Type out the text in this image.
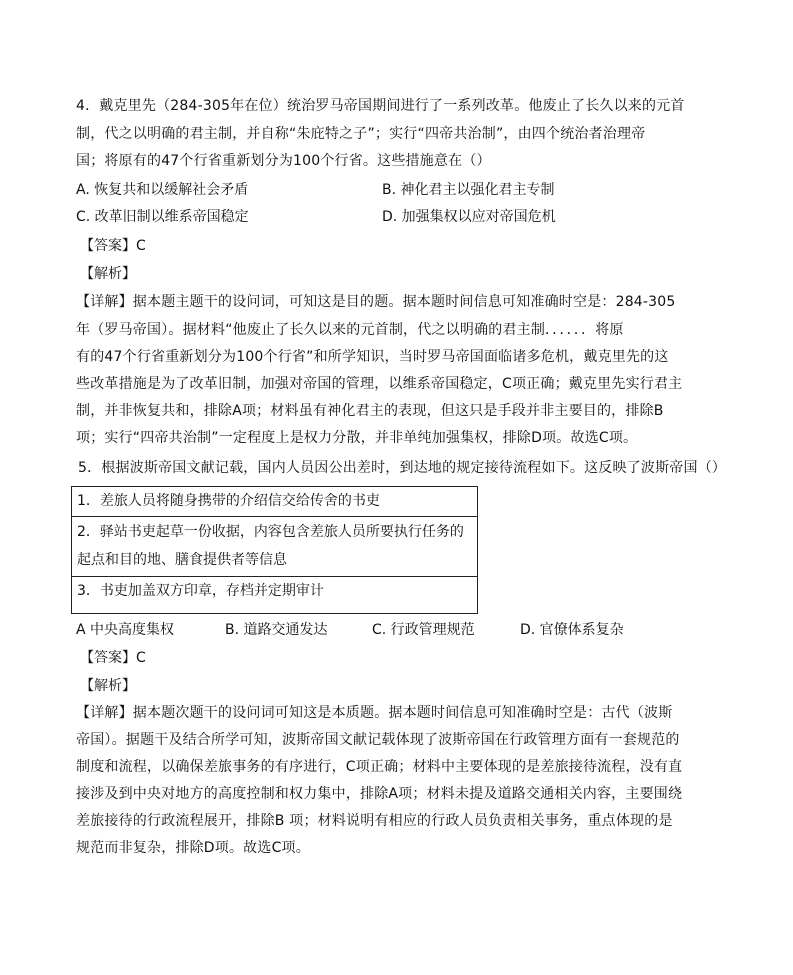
4．戴克里先（284-305年在位）统治罗马帝国期间进行了一系列改革。他废止了长久以来的元首
制，代之以明确的君主制，并自称“朱庇特之子”；实行“四帝共治制”，由四个统治者治理帝
国；将原有的47个行省重新划分为100个行省。这些措施意在（）
A. 恢复共和以缓解社会矛盾	B. 神化君主以强化君主专制
C. 改革旧制以维系帝国稳定	D. 加强集权以应对帝国危机
【答案】C
【解析】
【详解】据本题主题干的设问词，可知这是目的题。据本题时间信息可知准确时空是：284-305
年（罗马帝国）。据材料“他废止了长久以来的元首制，代之以明确的君主制．．．．．．将原
有的47个行省重新划分为100个行省”和所学知识，当时罗马帝国面临诸多危机，戴克里先的这
些改革措施是为了改革旧制，加强对帝国的管理，以维系帝国稳定，C项正确；戴克里先实行君主
制，并非恢复共和，排除A项；材料虽有神化君主的表现，但这只是手段并非主要目的，排除B
项；实行“四帝共治制”一定程度上是权力分散，并非单纯加强集权，排除D项。故选C项。
5．根据波斯帝国文献记载，国内人员因公出差时，到达地的规定接待流程如下。这反映了波斯帝国（）
1．差旅人员将随身携带的介绍信交给传舍的书吏
2．驿站书吏起草一份收据，内容包含差旅人员所要执行任务的
起点和目的地、膳食提供者等信息
3．书吏加盖双方印章，存档并定期审计
A 中央高度集权	B. 道路交通发达	C. 行政管理规范	D. 官僚体系复杂
【答案】C
【解析】
【详解】据本题次题干的设问词可知这是本质题。据本题时间信息可知准确时空是：古代（波斯
帝国）。据题干及结合所学可知，波斯帝国文献记载体现了波斯帝国在行政管理方面有一套规范的
制度和流程，以确保差旅事务的有序进行，C项正确；材料中主要体现的是差旅接待流程，没有直
接涉及到中央对地方的高度控制和权力集中，排除A项；材料未提及道路交通相关内容，主要围绕
差旅接待的行政流程展开，排除B 项；材料说明有相应的行政人员负责相关事务，重点体现的是
规范而非复杂，排除D项。故选C项。
